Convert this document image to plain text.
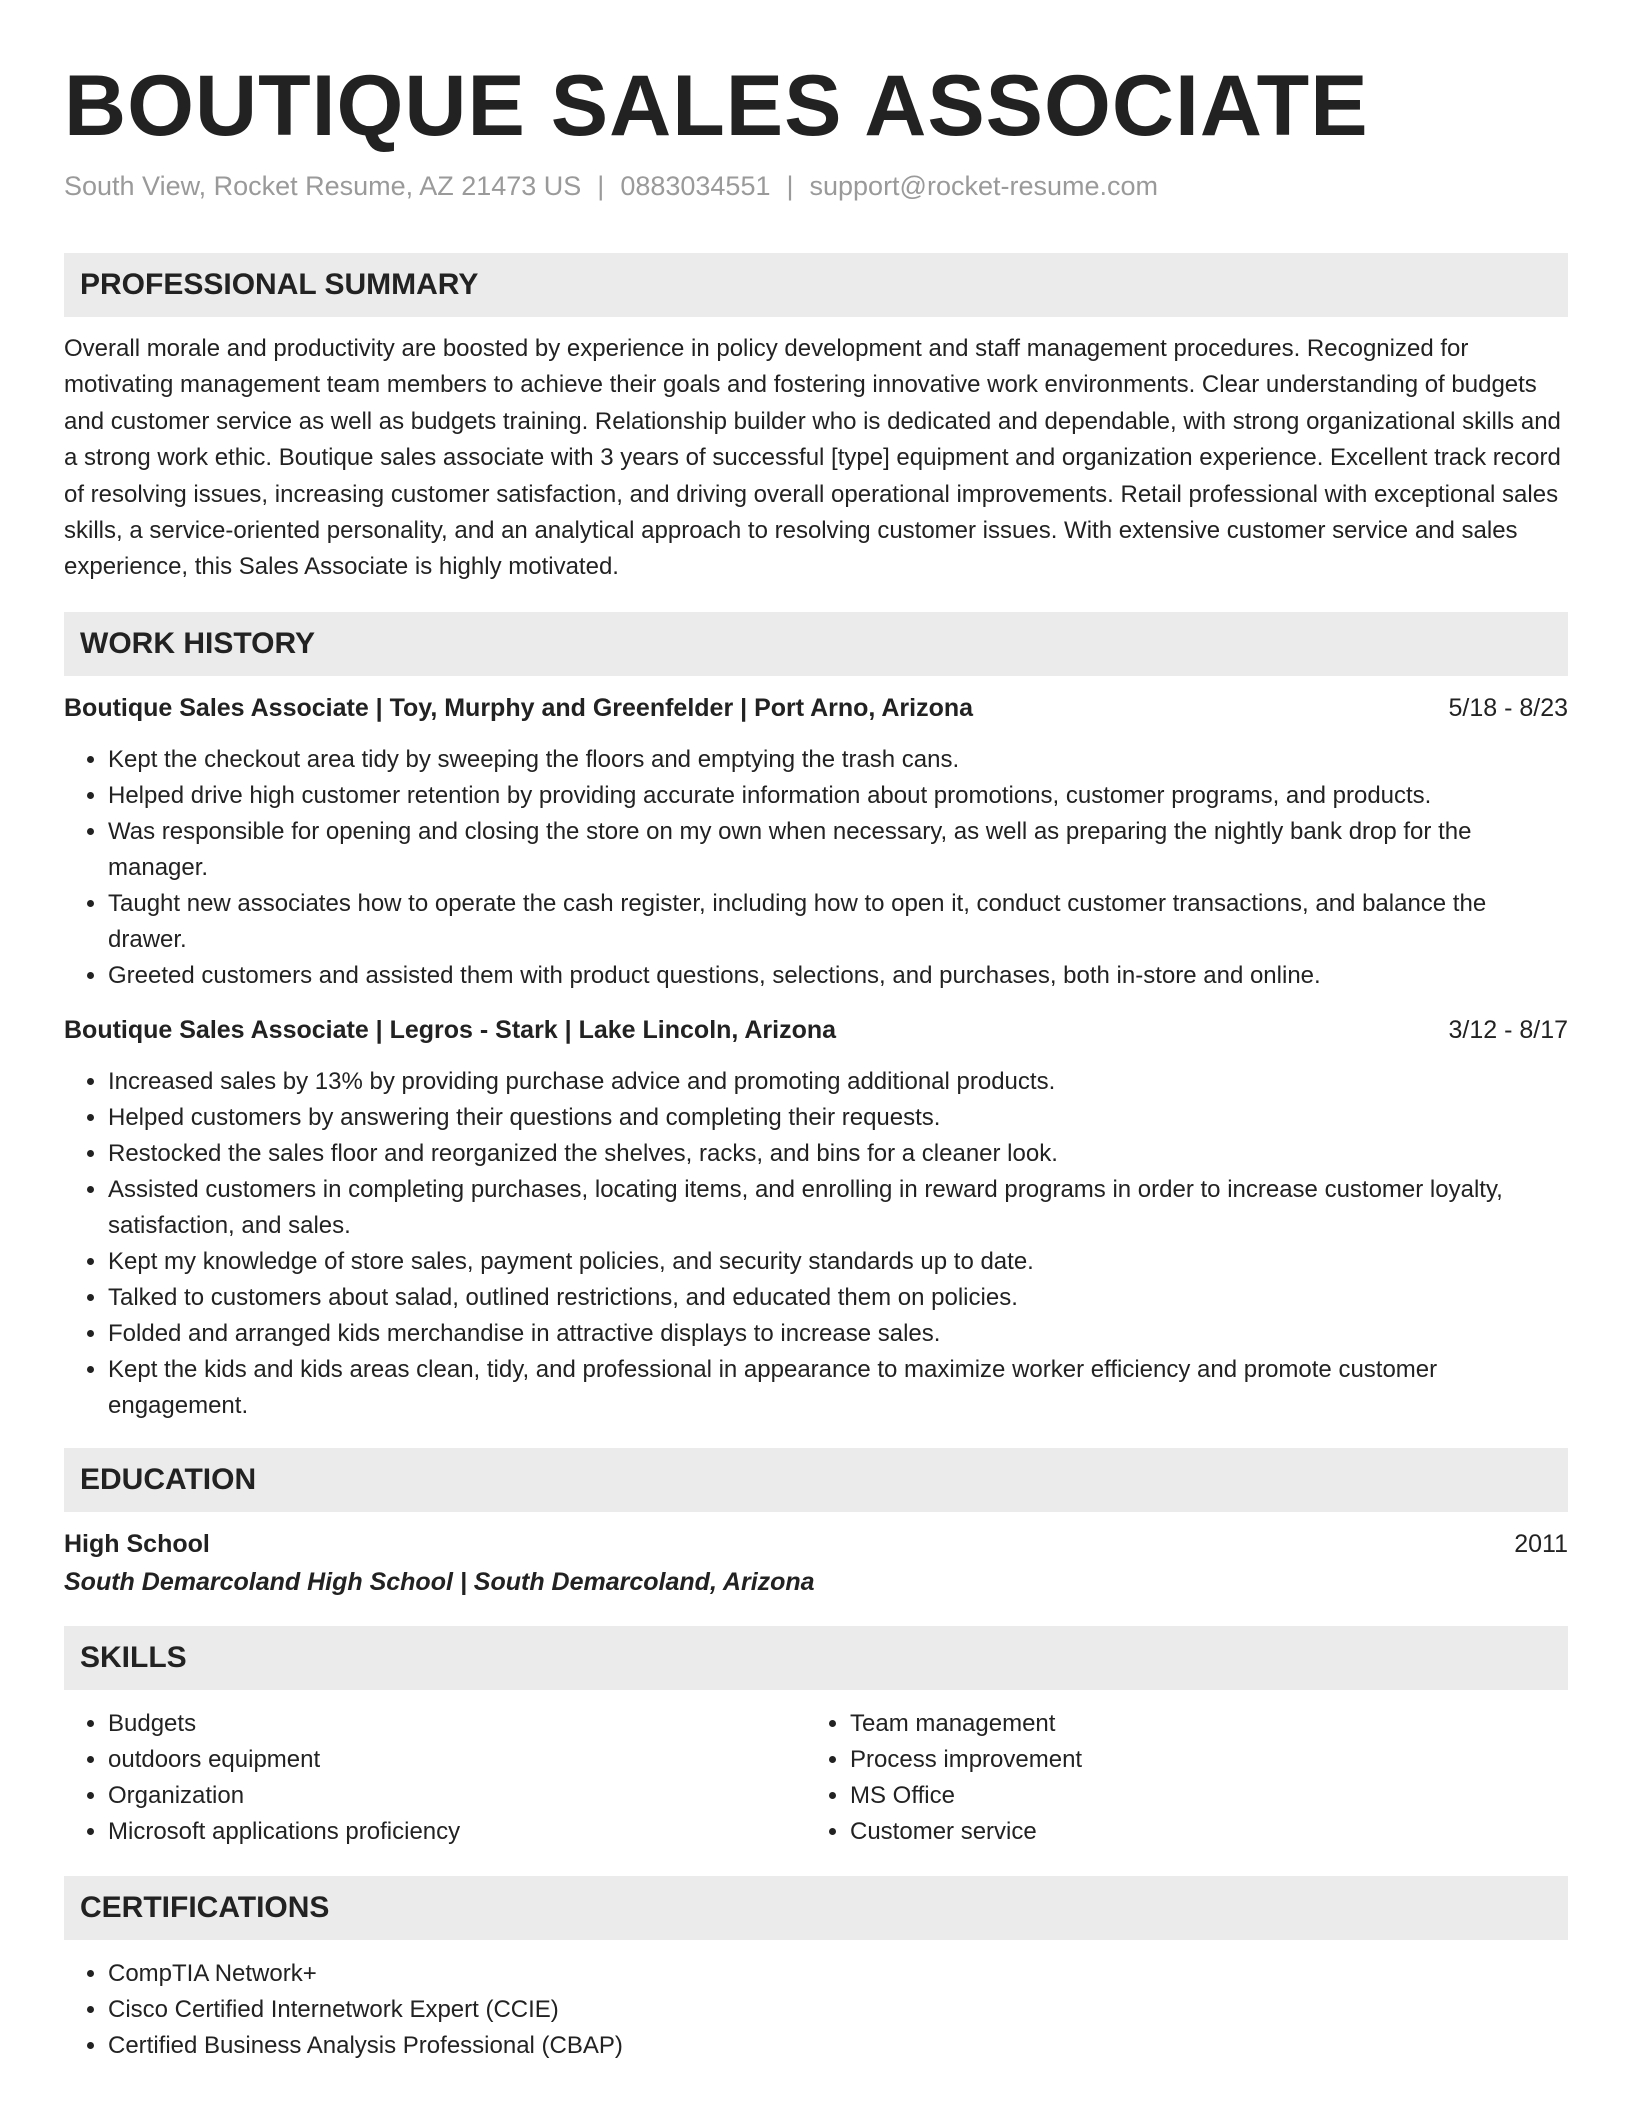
BOUTIQUE SALES ASSOCIATE
South View, Rocket Resume, AZ 21473 US | 0883034551 | support@rocket-resume.com
PROFESSIONAL SUMMARY

Overall morale and productivity are boosted by experience in policy development and staff management procedures. Recognized for motivating management team members to achieve their goals and fostering innovative work environments. Clear understanding of budgets and customer service as well as budgets training. Relationship builder who is dedicated and dependable, with strong organizational skills and a strong work ethic. Boutique sales associate with 3 years of successful [type] equipment and organization experience. Excellent track record of resolving issues, increasing customer satisfaction, and driving overall operational improvements. Retail professional with exceptional sales skills, a service-oriented personality, and an analytical approach to resolving customer issues. With extensive customer service and sales experience, this Sales Associate is highly motivated.

WORK HISTORY
Boutique Sales Associate | Toy, Murphy and Greenfelder | Port Arno, Arizona	5/18 - 8/23
• Kept the checkout area tidy by sweeping the floors and emptying the trash cans.
• Helped drive high customer retention by providing accurate information about promotions, customer programs, and products.
• Was responsible for opening and closing the store on my own when necessary, as well as preparing the nightly bank drop for the manager.
• Taught new associates how to operate the cash register, including how to open it, conduct customer transactions, and balance the drawer.
• Greeted customers and assisted them with product questions, selections, and purchases, both in-store and online.
Boutique Sales Associate | Legros - Stark | Lake Lincoln, Arizona	3/12 - 8/17
• Increased sales by 13% by providing purchase advice and promoting additional products.
• Helped customers by answering their questions and completing their requests.
• Restocked the sales floor and reorganized the shelves, racks, and bins for a cleaner look.
• Assisted customers in completing purchases, locating items, and enrolling in reward programs in order to increase customer loyalty, satisfaction, and sales.
• Kept my knowledge of store sales, payment policies, and security standards up to date.
• Talked to customers about salad, outlined restrictions, and educated them on policies.
• Folded and arranged kids merchandise in attractive displays to increase sales.
• Kept the kids and kids areas clean, tidy, and professional in appearance to maximize worker efficiency and promote customer engagement.
EDUCATION
High School	2011
South Demarcoland High School | South Demarcoland, Arizona
SKILLS
• Budgets
• outdoors equipment
• Organization
• Microsoft applications proficiency
• Team management
• Process improvement
• MS Office
• Customer service
CERTIFICATIONS
• CompTIA Network+
• Cisco Certified Internetwork Expert (CCIE)
• Certified Business Analysis Professional (CBAP)
